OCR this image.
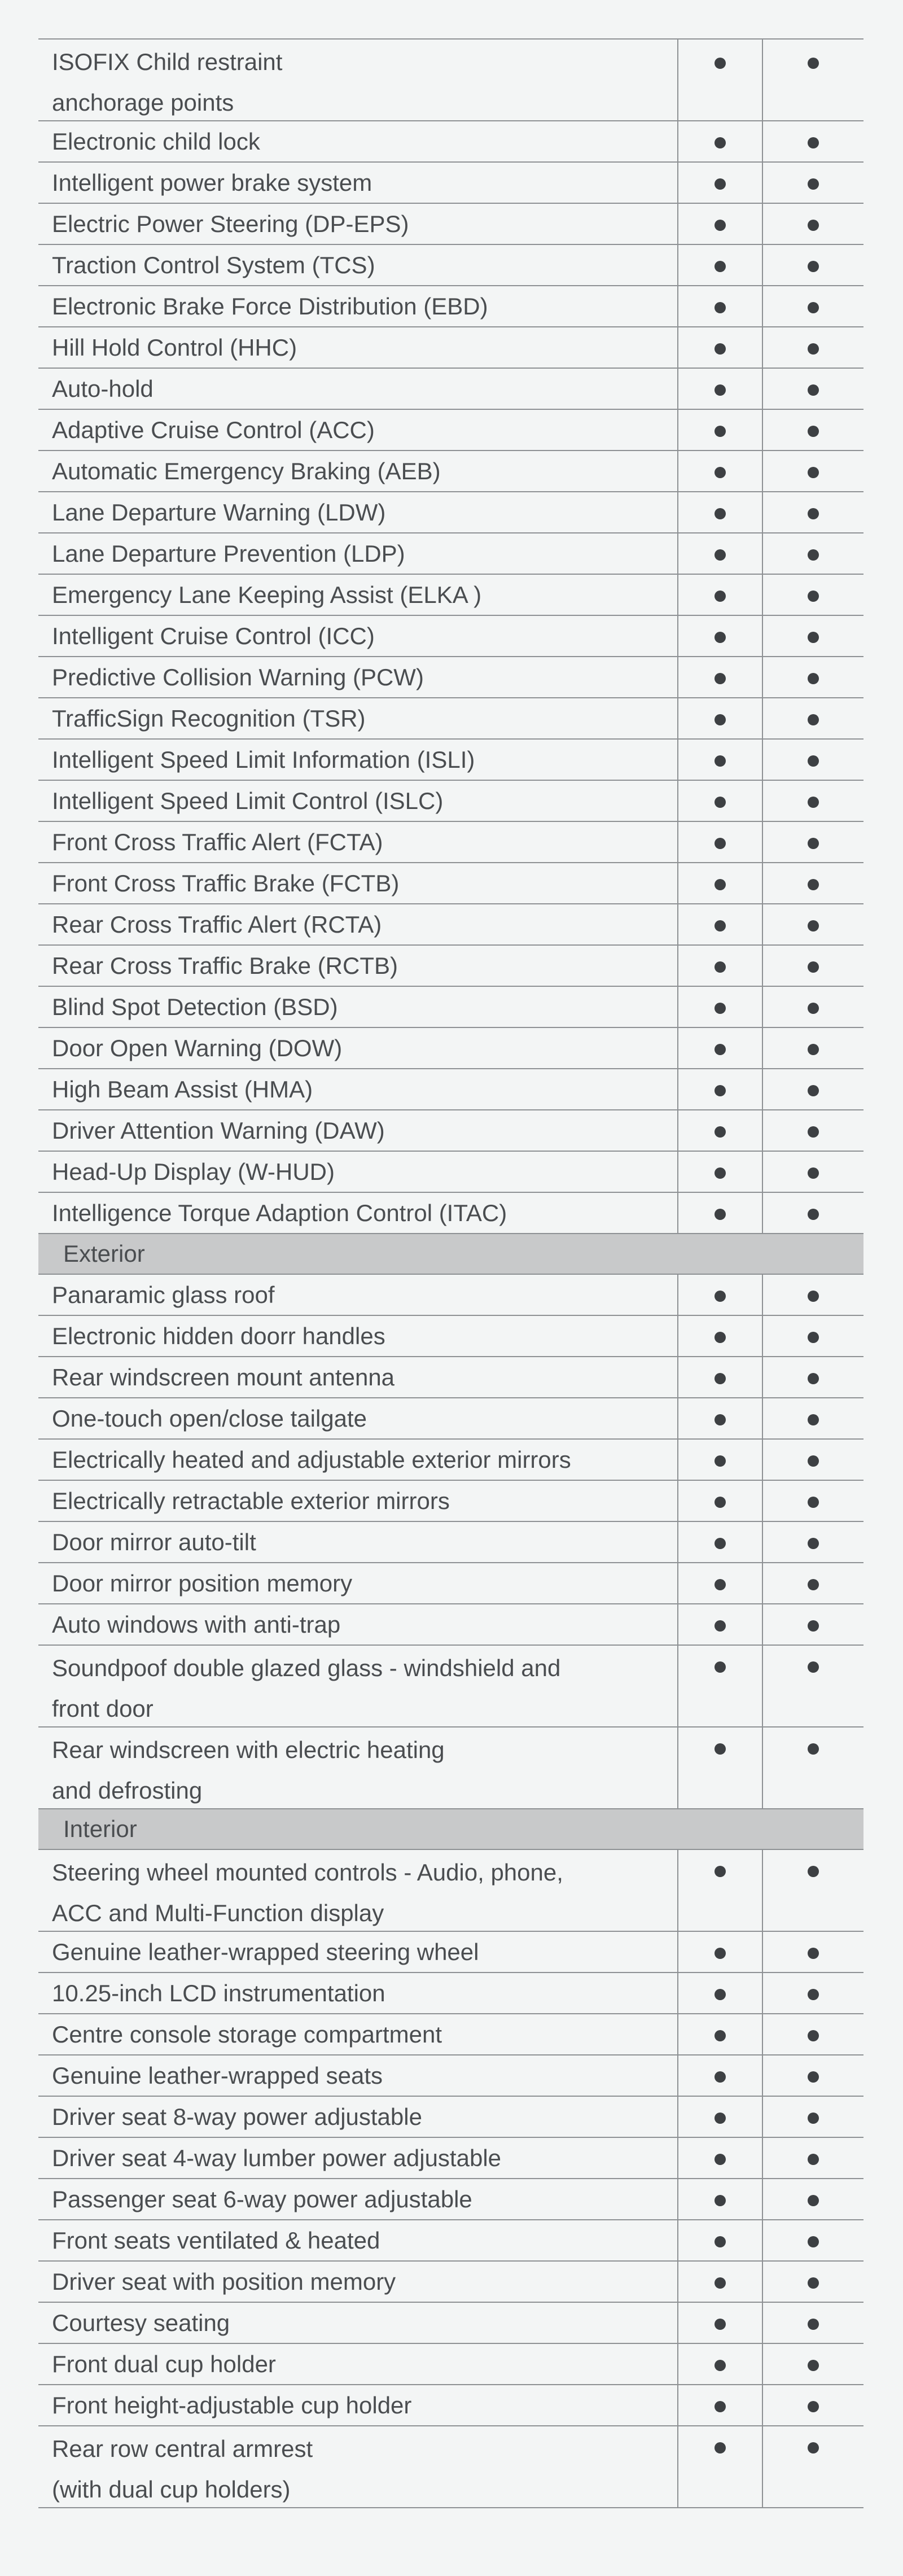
ISOFIX Child restraint
anchorage points
Electronic child lock
Intelligent power brake system
Electric Power Steering (DP-EPS)
Traction Control System (TCS)
Electronic Brake Force Distribution (EBD)
Hill Hold Control (HHC)
Auto-hold
Adaptive Cruise Control (ACC)
Automatic Emergency Braking (AEB)
Lane Departure Warning (LDW)
Lane Departure Prevention (LDP)
Emergency Lane Keeping Assist (ELKA )
Intelligent Cruise Control (ICC)
Predictive Collision Warning (PCW)
TrafficSign Recognition (TSR)
Intelligent Speed Limit Information (ISLI)
Intelligent Speed Limit Control (ISLC)
Front Cross Traffic Alert (FCTA)
Front Cross Traffic Brake (FCTB)
Rear Cross Traffic Alert (RCTA)
Rear Cross Traffic Brake (RCTB)
Blind Spot Detection (BSD)
Door Open Warning (DOW)
High Beam Assist (HMA)
Driver Attention Warning (DAW)
Head-Up Display (W-HUD)
Intelligence Torque Adaption Control (ITAC)
Exterior
Panaramic glass roof
Electronic hidden doorr handles
Rear windscreen mount antenna
One-touch open/close tailgate
Electrically heated and adjustable exterior mirrors
Electrically retractable exterior mirrors
Door mirror auto-tilt
Door mirror position memory
Auto windows with anti-trap
Soundpoof double glazed glass - windshield and
front door
Rear windscreen with electric heating
and defrosting
Interior
Steering wheel mounted controls - Audio, phone,
ACC and Multi-Function display
Genuine leather-wrapped steering wheel
10.25-inch LCD instrumentation
Centre console storage compartment
Genuine leather-wrapped seats
Driver seat 8-way power adjustable
Driver seat 4-way lumber power adjustable
Passenger seat 6-way power adjustable
Front seats ventilated & heated
Driver seat with position memory
Courtesy seating
Front dual cup holder
Front height-adjustable cup holder
Rear row central armrest
(with dual cup holders)
